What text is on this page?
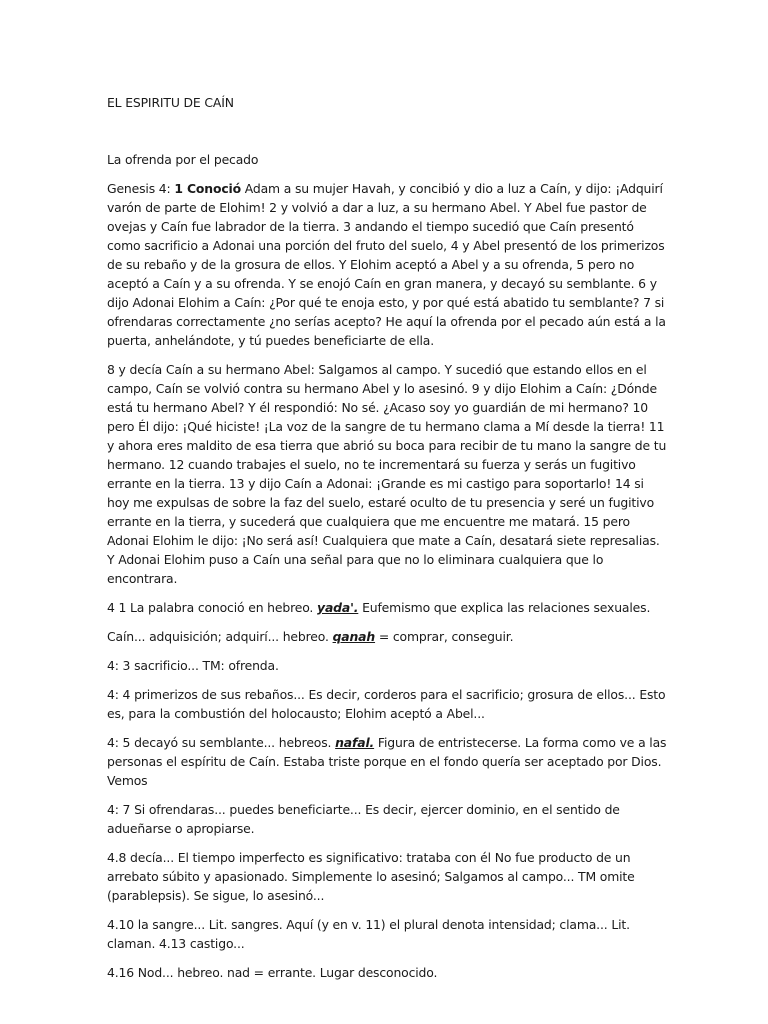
EL ESPIRITU DE CAÍN
La ofrenda por el pecado

Genesis 4: 1 Conoció Adam a su mujer Havah, y concibió y dio a luz a Caín, y dijo: ¡Adquirí varón de parte de Elohim! 2 y volvió a dar a luz, a su hermano Abel. Y Abel fue pastor de ovejas y Caín fue labrador de la tierra. 3 andando el tiempo sucedió que Caín presentó como sacrificio a Adonai una porción del fruto del suelo, 4 y Abel presentó de los primerizos de su rebaño y de la grosura de ellos. Y Elohim aceptó a Abel y a su ofrenda, 5 pero no aceptó a Caín y a su ofrenda. Y se enojó Caín en gran manera, y decayó su semblante. 6 y dijo Adonai Elohim a Caín: ¿Por qué te enoja esto, y por qué está abatido tu semblante? 7 si ofrendaras correctamente ¿no serías acepto? He aquí la ofrenda por el pecado aún está a la puerta, anhelándote, y tú puedes beneficiarte de ella.

8 y decía Caín a su hermano Abel: Salgamos al campo. Y sucedió que estando ellos en el campo, Caín se volvió contra su hermano Abel y lo asesinó. 9 y dijo Elohim a Caín: ¿Dónde está tu hermano Abel? Y él respondió: No sé. ¿Acaso soy yo guardián de mi hermano? 10 pero Él dijo: ¡Qué hiciste! ¡La voz de la sangre de tu hermano clama a Mí desde la tierra! 11 y ahora eres maldito de esa tierra que abrió su boca para recibir de tu mano la sangre de tu hermano. 12 cuando trabajes el suelo, no te incrementará su fuerza y serás un fugitivo errante en la tierra. 13 y dijo Caín a Adonai: ¡Grande es mi castigo para soportarlo! 14 si hoy me expulsas de sobre la faz del suelo, estaré oculto de tu presencia y seré un fugitivo errante en la tierra, y sucederá que cualquiera que me encuentre me matará. 15 pero Adonai Elohim le dijo: ¡No será así! Cualquiera que mate a Caín, desatará siete represalias. Y Adonai Elohim puso a Caín una señal para que no lo eliminara cualquiera que lo encontrara.

4 1 La palabra conoció en hebreo. yada'. Eufemismo que explica las relaciones sexuales.

Caín... adquisición; adquirí... hebreo. qanah = comprar, conseguir.

4: 3 sacrificio... TM: ofrenda.

4: 4 primerizos de sus rebaños... Es decir, corderos para el sacrificio; grosura de ellos... Esto es, para la combustión del holocausto; Elohim aceptó a Abel...

4: 5 decayó su semblante... hebreos. nafal. Figura de entristecerse. La forma como ve a las personas el espíritu de Caín. Estaba triste porque en el fondo quería ser aceptado por Dios. Vemos

4: 7 Si ofrendaras... puedes beneficiarte... Es decir, ejercer dominio, en el sentido de adueñarse o apropiarse.

4.8 decía... El tiempo imperfecto es significativo: trataba con él No fue producto de un arrebato súbito y apasionado. Simplemente lo asesinó; Salgamos al campo... TM omite (parablepsis). Se sigue, lo asesinó...

4.10 la sangre... Lit. sangres. Aquí (y en v. 11) el plural denota intensidad; clama... Lit. claman. 4.13 castigo...

4.16 Nod... hebreo. nad = errante. Lugar desconocido.
